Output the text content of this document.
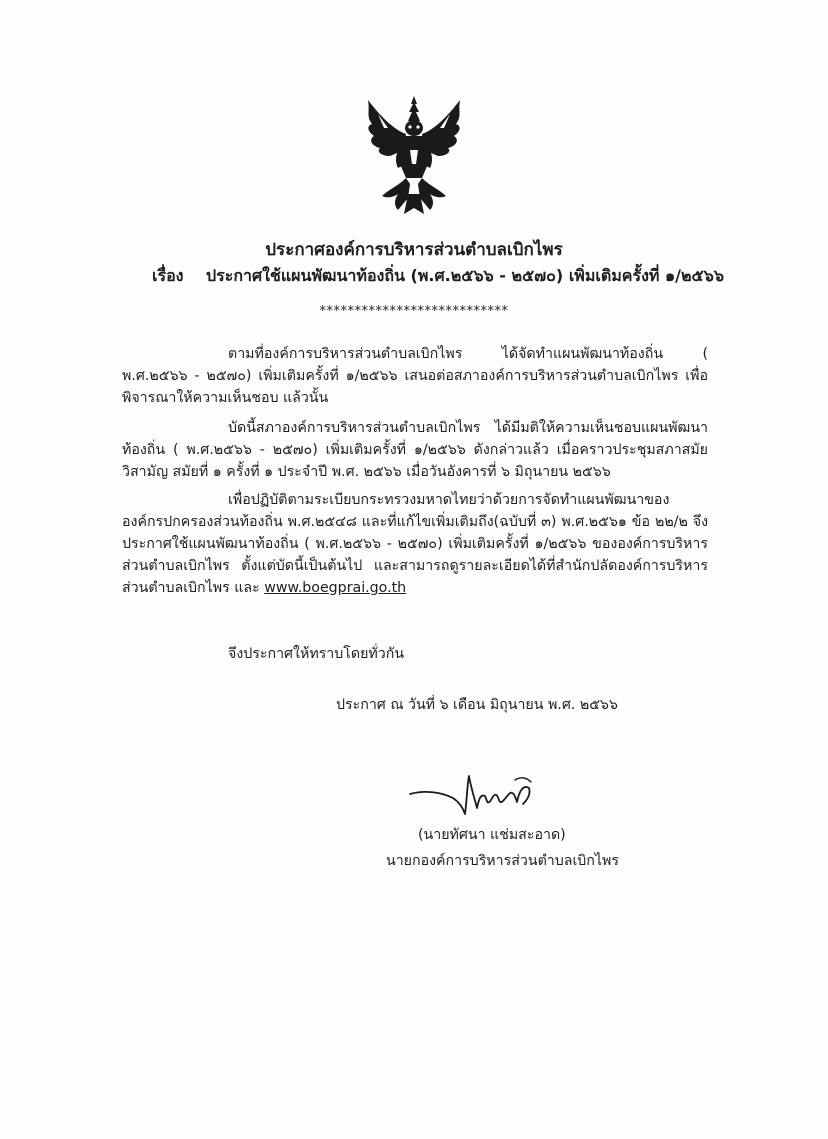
ประกาศองค์การบริหารส่วนตำบลเบิกไพร
เรื่อง ประกาศใช้แผนพัฒนาท้องถิ่น (พ.ศ.๒๕๖๖ - ๒๕๗๐) เพิ่มเติมครั้งที่ ๑/๒๕๖๖
***************************

ตามที่องค์การบริหารส่วนตำบลเบิกไพร ได้จัดทำแผนพัฒนาท้องถิ่น ( พ.ศ.๒๕๖๖ - ๒๕๗๐) เพิ่มเติมครั้งที่ ๑/๒๕๖๖ เสนอต่อสภาองค์การบริหารส่วนตำบลเบิกไพร เพื่อพิจารณาให้ความเห็นชอบ แล้วนั้น

บัดนี้สภาองค์การบริหารส่วนตำบลเบิกไพร ได้มีมติให้ความเห็นชอบแผนพัฒนาท้องถิ่น ( พ.ศ.๒๕๖๖ - ๒๕๗๐) เพิ่มเติมครั้งที่ ๑/๒๕๖๖ ดังกล่าวแล้ว เมื่อคราวประชุมสภาสมัยวิสามัญ สมัยที่ ๑ ครั้งที่ ๑ ประจำปี พ.ศ. ๒๕๖๖ เมื่อวันอังคารที่ ๖ มิถุนายน ๒๕๖๖

เพื่อปฏิบัติตามระเบียบกระทรวงมหาดไทยว่าด้วยการจัดทำแผนพัฒนาขององค์กรปกครองส่วนท้องถิ่น พ.ศ.๒๕๔๘ และที่แก้ไขเพิ่มเติมถึง(ฉบับที่ ๓) พ.ศ.๒๕๖๑ ข้อ ๒๒/๒ จึงประกาศใช้แผนพัฒนาท้องถิ่น ( พ.ศ.๒๕๖๖ - ๒๕๗๐) เพิ่มเติมครั้งที่ ๑/๒๕๖๖ ขององค์การบริหารส่วนตำบลเบิกไพร ตั้งแต่บัดนี้เป็นต้นไป และสามารถดูรายละเอียดได้ที่สำนักปลัดองค์การบริหารส่วนตำบลเบิกไพร และ www.boegprai.go.th

จึงประกาศให้ทราบโดยทั่วกัน
ประกาศ ณ วันที่ ๖ เดือน มิถุนายน พ.ศ. ๒๕๖๖
(นายทัศนา แช่มสะอาด)
นายกองค์การบริหารส่วนตำบลเบิกไพร
